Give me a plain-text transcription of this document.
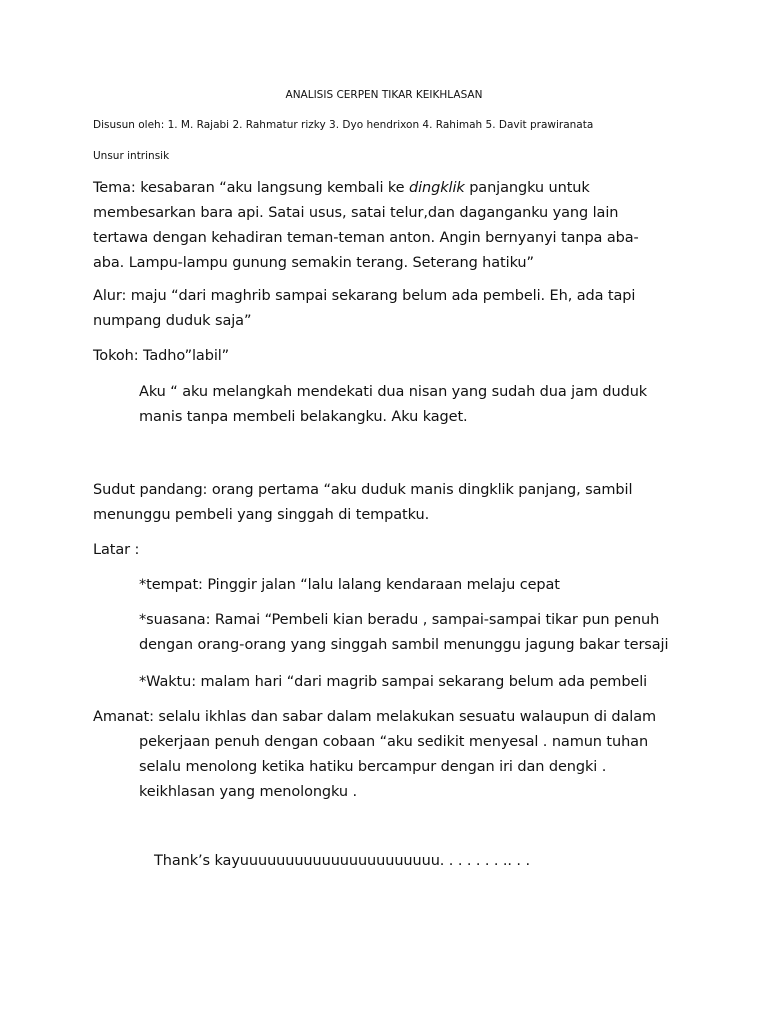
ANALISIS CERPEN TIKAR KEIKHLASAN

Disusun oleh: 1. M. Rajabi 2. Rahmatur rizky 3. Dyo hendrixon 4. Rahimah 5. Davit prawiranata

Unsur intrinsik

Tema: kesabaran “aku langsung kembali ke dingklik panjangku untuk

membesarkan bara api. Satai usus, satai telur,dan daganganku yang lain

tertawa dengan kehadiran teman-teman anton. Angin bernyanyi tanpa aba-

aba. Lampu-lampu gunung semakin terang. Seterang hatiku”

Alur: maju “dari maghrib sampai sekarang belum ada pembeli. Eh, ada tapi

numpang duduk saja”

Tokoh: Tadho”labil”

Aku “ aku melangkah mendekati dua nisan yang sudah dua jam duduk

manis tanpa membeli belakangku. Aku kaget.

Sudut pandang: orang pertama “aku duduk manis dingklik panjang, sambil

menunggu pembeli yang singgah di tempatku.

Latar :

*tempat: Pinggir jalan “lalu lalang kendaraan melaju cepat

*suasana: Ramai “Pembeli kian beradu , sampai-sampai tikar pun penuh

dengan orang-orang yang singgah sambil menunggu jagung bakar tersaji

*Waktu: malam hari “dari magrib sampai sekarang belum ada pembeli

Amanat: selalu ikhlas dan sabar dalam melakukan sesuatu walaupun di dalam

pekerjaan penuh dengan cobaan “aku sedikit menyesal . namun tuhan

selalu menolong ketika hatiku bercampur dengan iri dan dengki .

keikhlasan yang menolongku .

Thank’s kayuuuuuuuuuuuuuuuuuuuuuu. . . . . . . .. . .
